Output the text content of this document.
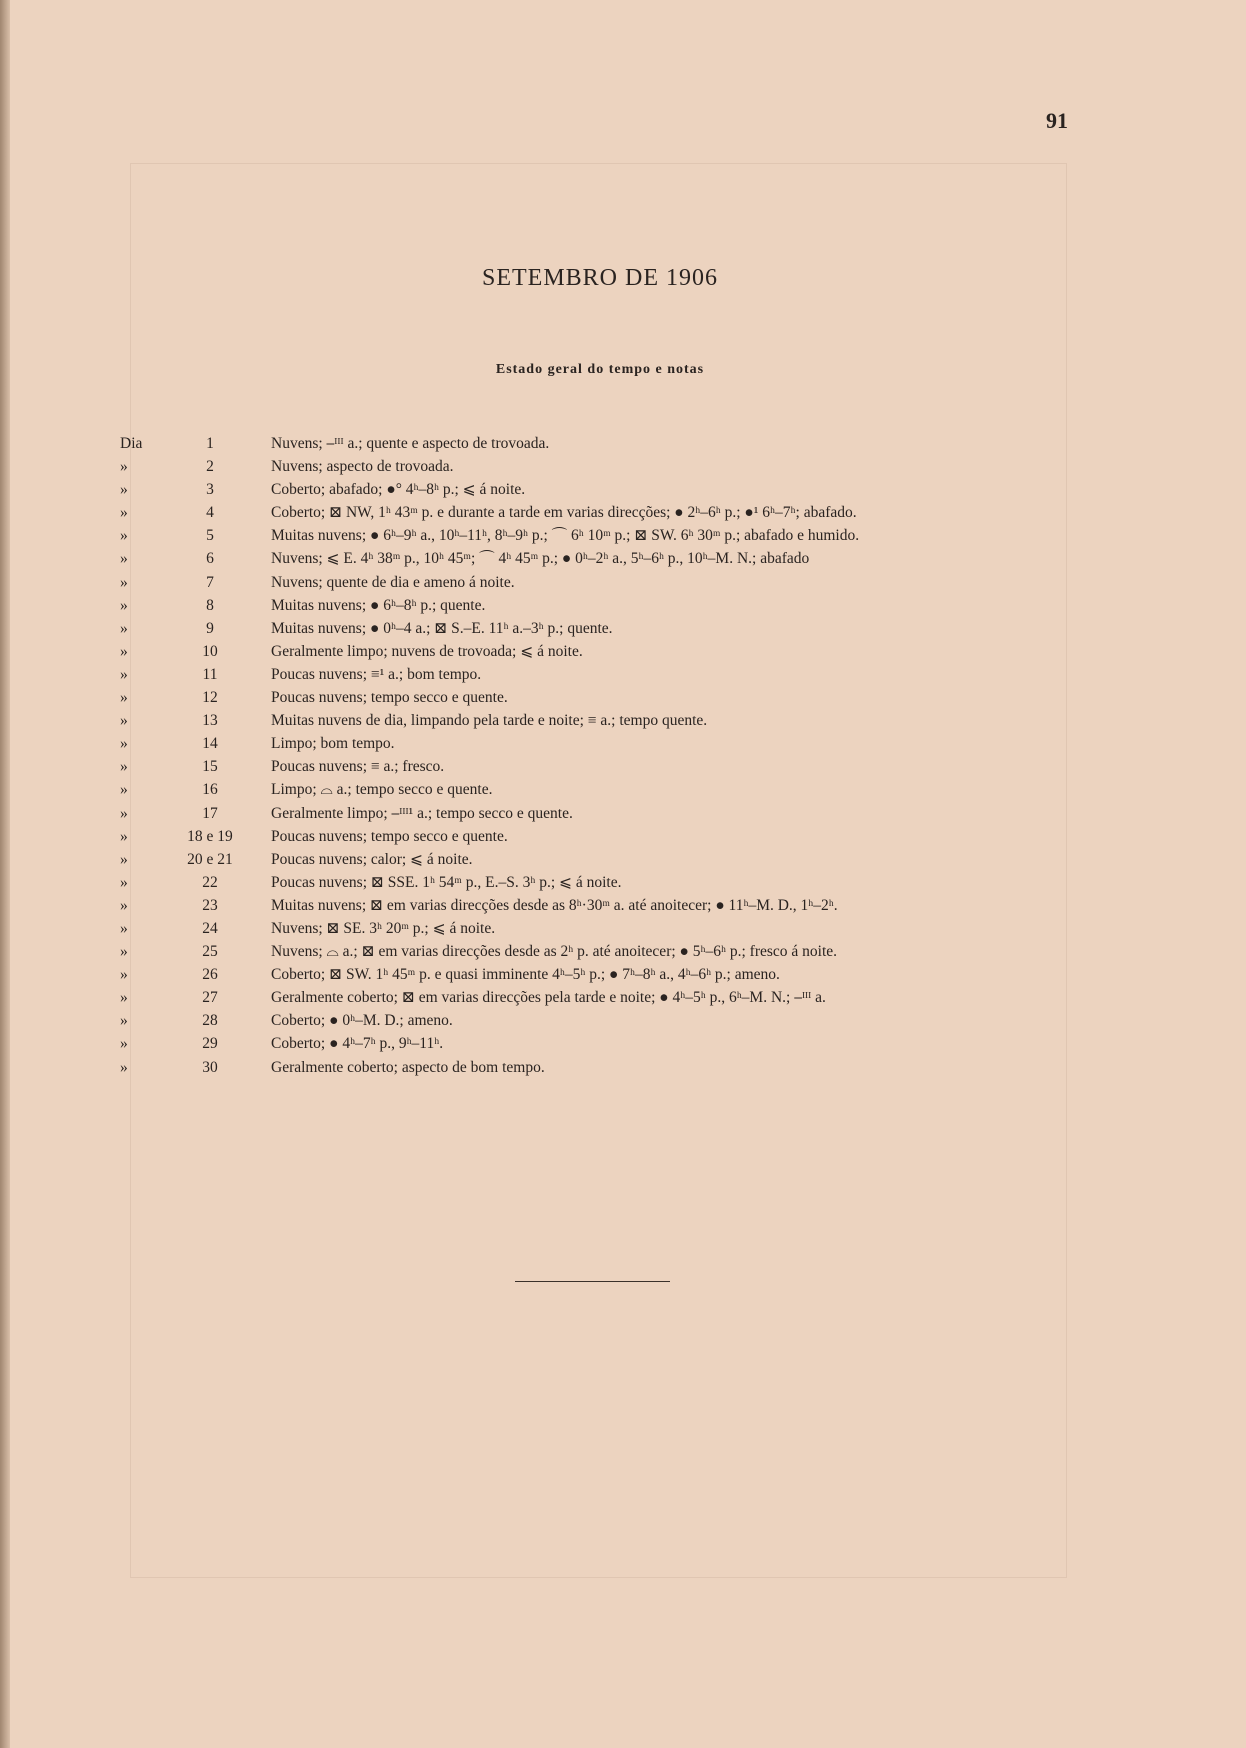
91
SETEMBRO DE 1906
Estado geral do tempo e notas
Dia	1	Nuvens; ⎯ᴵᴵᴵ a.; quente e aspecto de trovoada.
»	2	Nuvens; aspecto de trovoada.
»	3	Coberto; abafado; ●° 4ʰ–8ʰ p.; ⩽ á noite.
»	4	Coberto; ⊠ NW, 1ʰ 43ᵐ p. e durante a tarde em varias direcções; ● 2ʰ–6ʰ p.; ●¹ 6ʰ–7ʰ; abafado.
»	5	Muitas nuvens; ● 6ʰ–9ʰ a., 10ʰ–11ʰ, 8ʰ–9ʰ p.; ⌒ 6ʰ 10ᵐ p.; ⊠ SW. 6ʰ 30ᵐ p.; abafado e humido.
»	6	Nuvens; ⩽ E. 4ʰ 38ᵐ p., 10ʰ 45ᵐ; ⌒ 4ʰ 45ᵐ p.; ● 0ʰ–2ʰ a., 5ʰ–6ʰ p., 10ʰ–M. N.; abafado
»	7	Nuvens; quente de dia e ameno á noite.
»	8	Muitas nuvens; ● 6ʰ–8ʰ p.; quente.
»	9	Muitas nuvens; ● 0ʰ–4 a.; ⊠ S.–E. 11ʰ a.–3ʰ p.; quente.
»	10	Geralmente limpo; nuvens de trovoada; ⩽ á noite.
»	11	Poucas nuvens; ≡¹ a.; bom tempo.
»	12	Poucas nuvens; tempo secco e quente.
»	13	Muitas nuvens de dia, limpando pela tarde e noite; ≡ a.; tempo quente.
»	14	Limpo; bom tempo.
»	15	Poucas nuvens; ≡ a.; fresco.
»	16	Limpo; ⌓ a.; tempo secco e quente.
»	17	Geralmente limpo; ⎯ᴵᴵᴵ¹ a.; tempo secco e quente.
»	18 e 19	Poucas nuvens; tempo secco e quente.
»	20 e 21	Poucas nuvens; calor; ⩽ á noite.
»	22	Poucas nuvens; ⊠ SSE. 1ʰ 54ᵐ p., E.–S. 3ʰ p.; ⩽ á noite.
»	23	Muitas nuvens; ⊠ em varias direcções desde as 8ʰ·30ᵐ a. até anoitecer; ● 11ʰ–M. D., 1ʰ–2ʰ.
»	24	Nuvens; ⊠ SE. 3ʰ 20ᵐ p.; ⩽ á noite.
»	25	Nuvens; ⌓ a.; ⊠ em varias direcções desde as 2ʰ p. até anoitecer; ● 5ʰ–6ʰ p.; fresco á noite.
»	26	Coberto; ⊠ SW. 1ʰ 45ᵐ p. e quasi imminente 4ʰ–5ʰ p.; ● 7ʰ–8ʰ a., 4ʰ–6ʰ p.; ameno.
»	27	Geralmente coberto; ⊠ em varias direcções pela tarde e noite; ● 4ʰ–5ʰ p., 6ʰ–M. N.; ⎯ᴵᴵᴵ a.
»	28	Coberto; ● 0ʰ–M. D.; ameno.
»	29	Coberto; ● 4ʰ–7ʰ p., 9ʰ–11ʰ.
»	30	Geralmente coberto; aspecto de bom tempo.
